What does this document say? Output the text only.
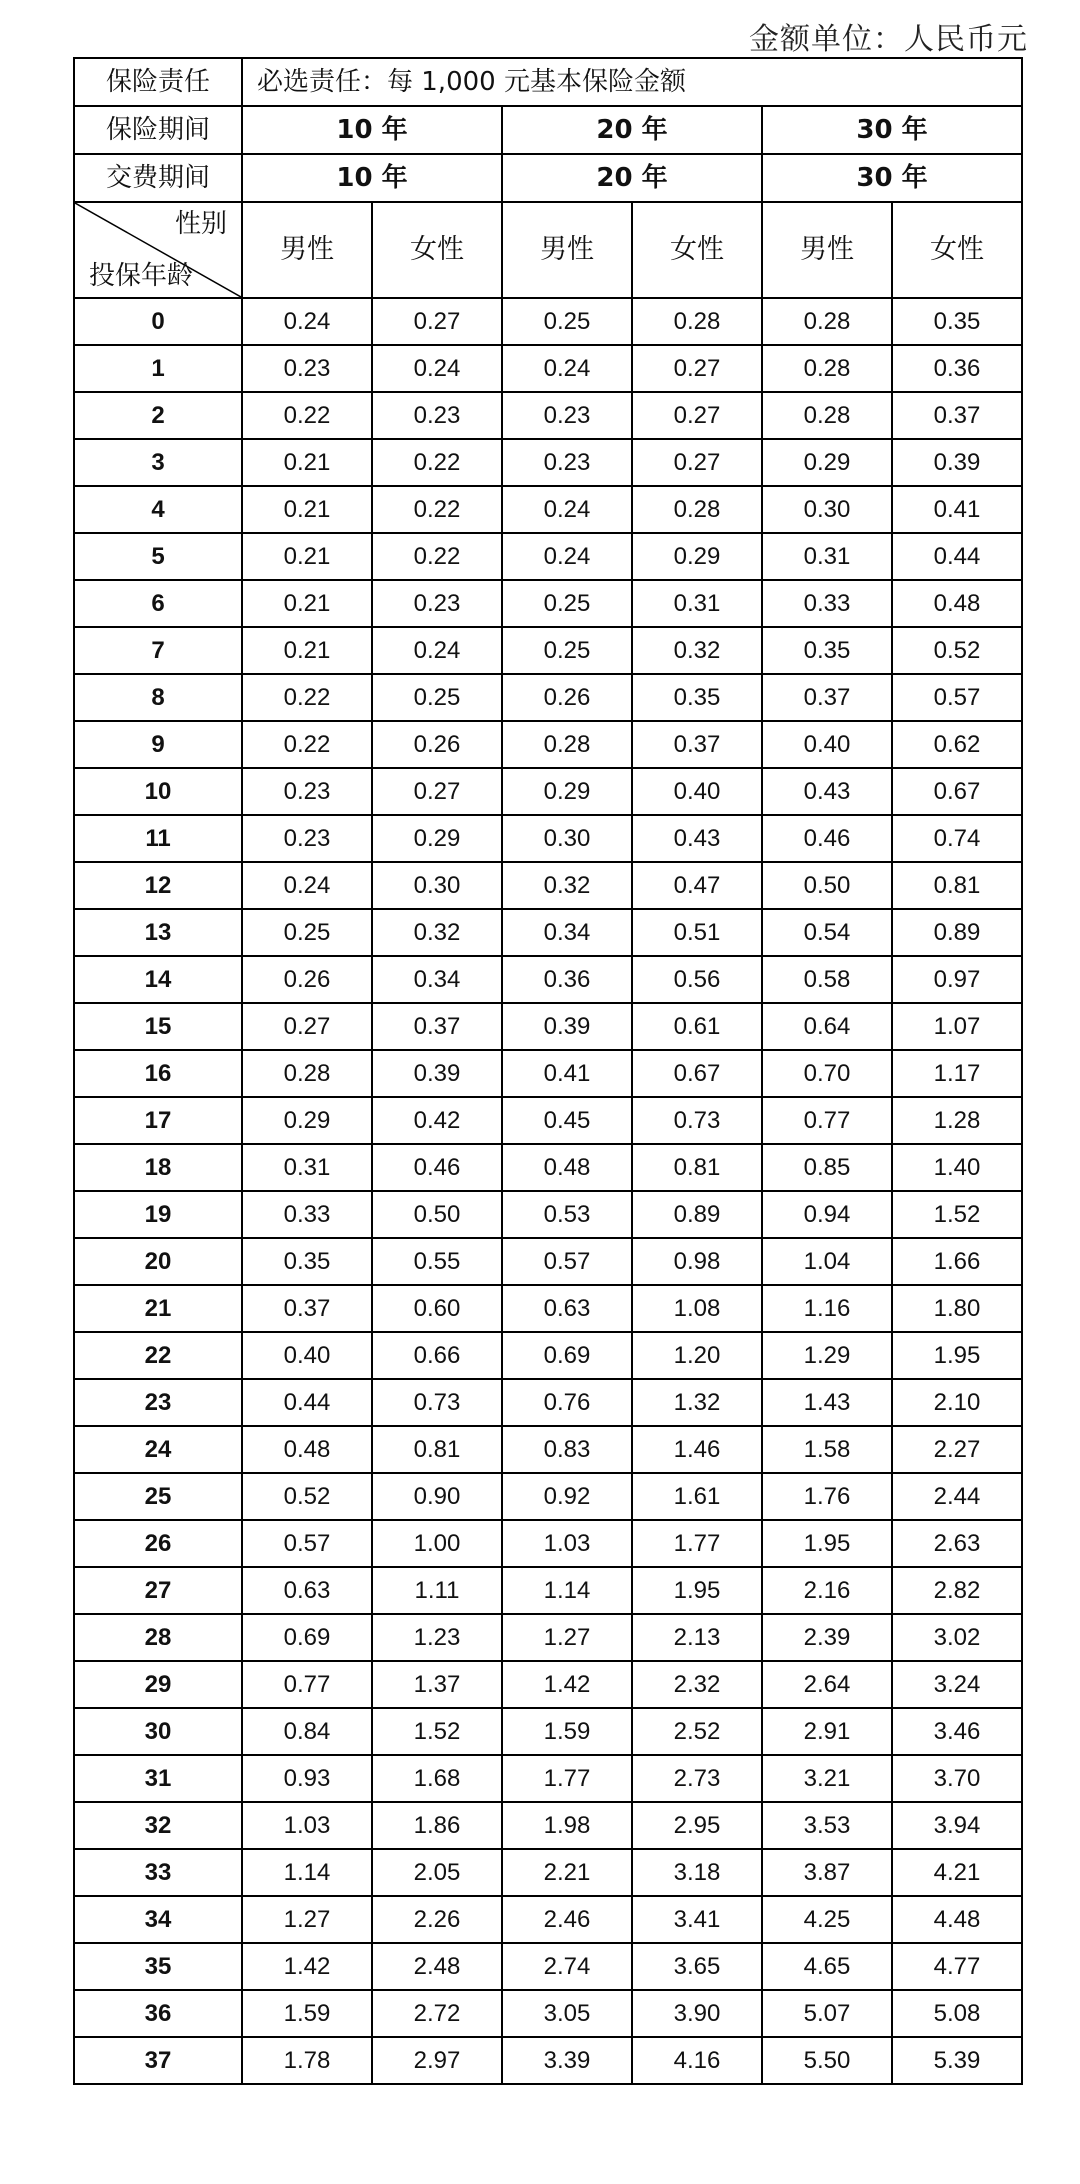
金额单位：人民币元
保险责任	必选责任：每 1,000 元基本保险金额					
保险期间	10 年		20 年		30 年	
交费期间	10 年		20 年		30 年	

性别
投保年龄	男性	女性	男性	女性	男性	女性
0	0.24	0.27	0.25	0.28	0.28	0.35
1	0.23	0.24	0.24	0.27	0.28	0.36
2	0.22	0.23	0.23	0.27	0.28	0.37
3	0.21	0.22	0.23	0.27	0.29	0.39
4	0.21	0.22	0.24	0.28	0.30	0.41
5	0.21	0.22	0.24	0.29	0.31	0.44
6	0.21	0.23	0.25	0.31	0.33	0.48
7	0.21	0.24	0.25	0.32	0.35	0.52
8	0.22	0.25	0.26	0.35	0.37	0.57
9	0.22	0.26	0.28	0.37	0.40	0.62
10	0.23	0.27	0.29	0.40	0.43	0.67
11	0.23	0.29	0.30	0.43	0.46	0.74
12	0.24	0.30	0.32	0.47	0.50	0.81
13	0.25	0.32	0.34	0.51	0.54	0.89
14	0.26	0.34	0.36	0.56	0.58	0.97
15	0.27	0.37	0.39	0.61	0.64	1.07
16	0.28	0.39	0.41	0.67	0.70	1.17
17	0.29	0.42	0.45	0.73	0.77	1.28
18	0.31	0.46	0.48	0.81	0.85	1.40
19	0.33	0.50	0.53	0.89	0.94	1.52
20	0.35	0.55	0.57	0.98	1.04	1.66
21	0.37	0.60	0.63	1.08	1.16	1.80
22	0.40	0.66	0.69	1.20	1.29	1.95
23	0.44	0.73	0.76	1.32	1.43	2.10
24	0.48	0.81	0.83	1.46	1.58	2.27
25	0.52	0.90	0.92	1.61	1.76	2.44
26	0.57	1.00	1.03	1.77	1.95	2.63
27	0.63	1.11	1.14	1.95	2.16	2.82
28	0.69	1.23	1.27	2.13	2.39	3.02
29	0.77	1.37	1.42	2.32	2.64	3.24
30	0.84	1.52	1.59	2.52	2.91	3.46
31	0.93	1.68	1.77	2.73	3.21	3.70
32	1.03	1.86	1.98	2.95	3.53	3.94
33	1.14	2.05	2.21	3.18	3.87	4.21
34	1.27	2.26	2.46	3.41	4.25	4.48
35	1.42	2.48	2.74	3.65	4.65	4.77
36	1.59	2.72	3.05	3.90	5.07	5.08
37	1.78	2.97	3.39	4.16	5.50	5.39
